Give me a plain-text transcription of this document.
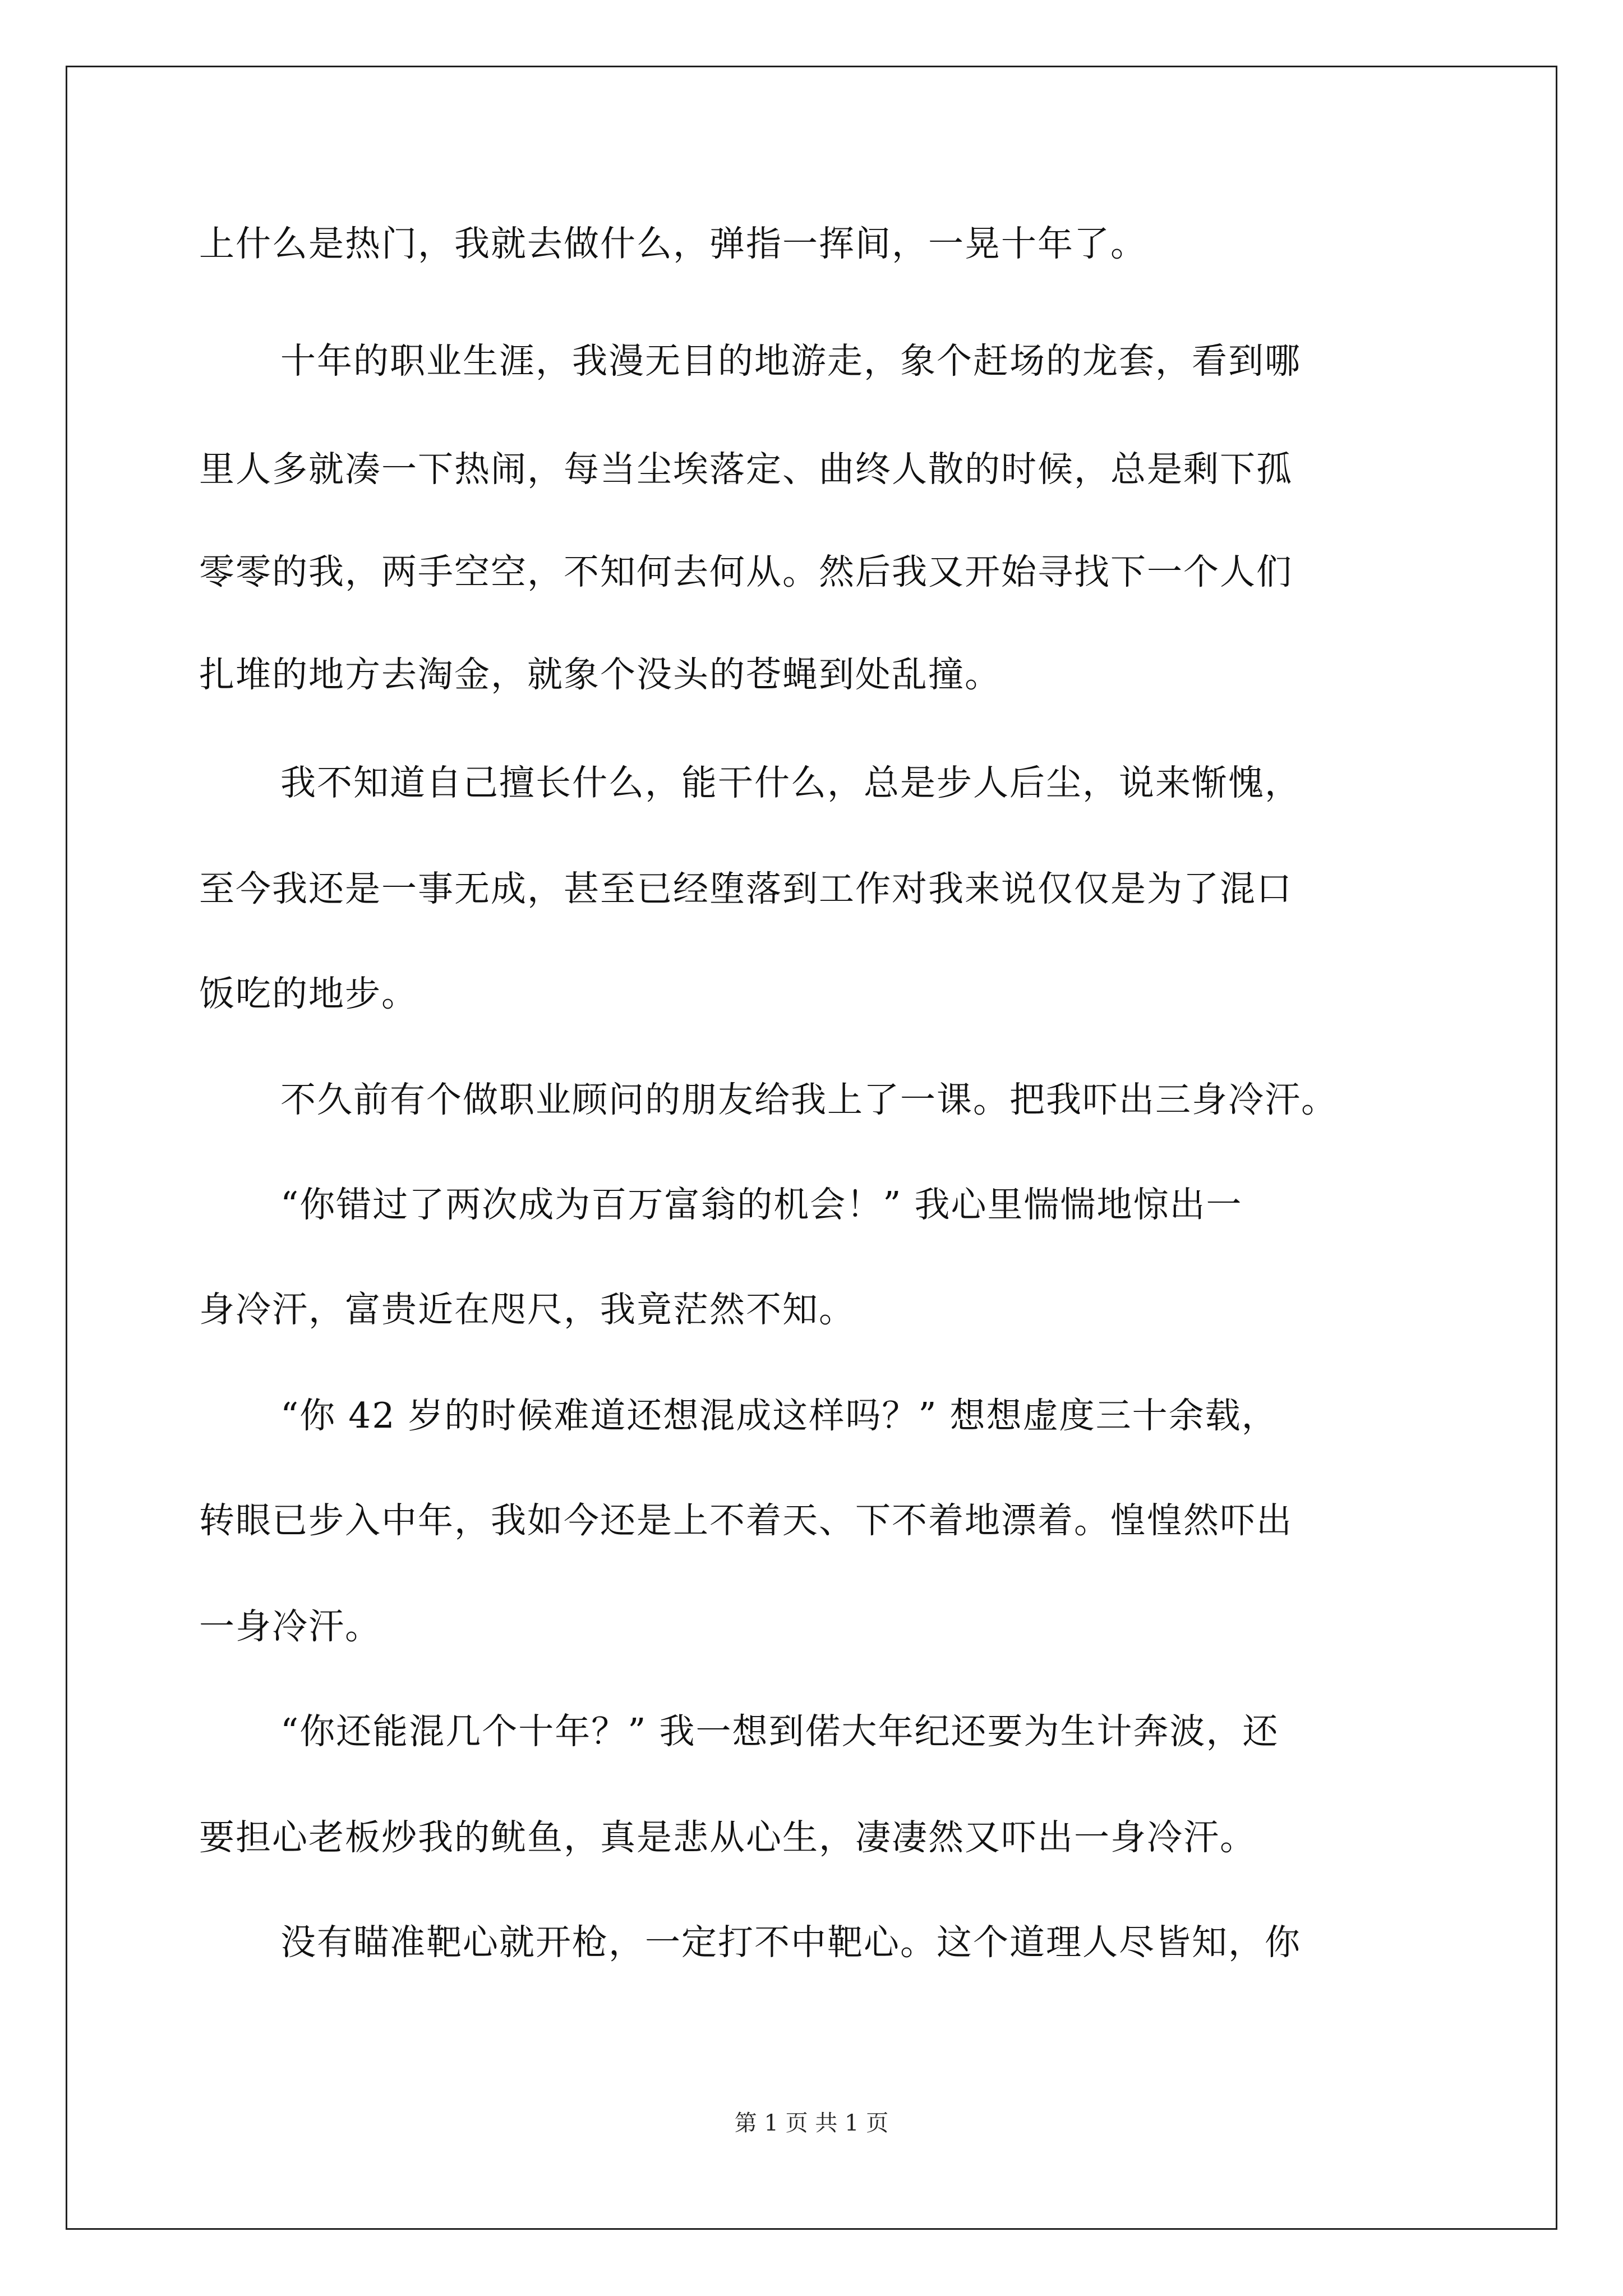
上什么是热门，我就去做什么，弹指一挥间，一晃十年了。

十年的职业生涯，我漫无目的地游走，象个赶场的龙套，看到哪

里人多就凑一下热闹，每当尘埃落定、曲终人散的时候，总是剩下孤

零零的我，两手空空，不知何去何从。然后我又开始寻找下一个人们

扎堆的地方去淘金，就象个没头的苍蝇到处乱撞。

我不知道自己擅长什么，能干什么，总是步人后尘，说来惭愧，

至今我还是一事无成，甚至已经堕落到工作对我来说仅仅是为了混口

饭吃的地步。

不久前有个做职业顾问的朋友给我上了一课。把我吓出三身冷汗。

“你错过了两次成为百万富翁的机会！” 我心里惴惴地惊出一

身冷汗，富贵近在咫尺，我竟茫然不知。

“你 42 岁的时候难道还想混成这样吗？” 想想虚度三十余载，

转眼已步入中年，我如今还是上不着天、下不着地漂着。惶惶然吓出

一身冷汗。

“你还能混几个十年？” 我一想到偌大年纪还要为生计奔波，还

要担心老板炒我的鱿鱼，真是悲从心生，凄凄然又吓出一身冷汗。

没有瞄准靶心就开枪，一定打不中靶心。这个道理人尽皆知，你

第 1 页 共 1 页
